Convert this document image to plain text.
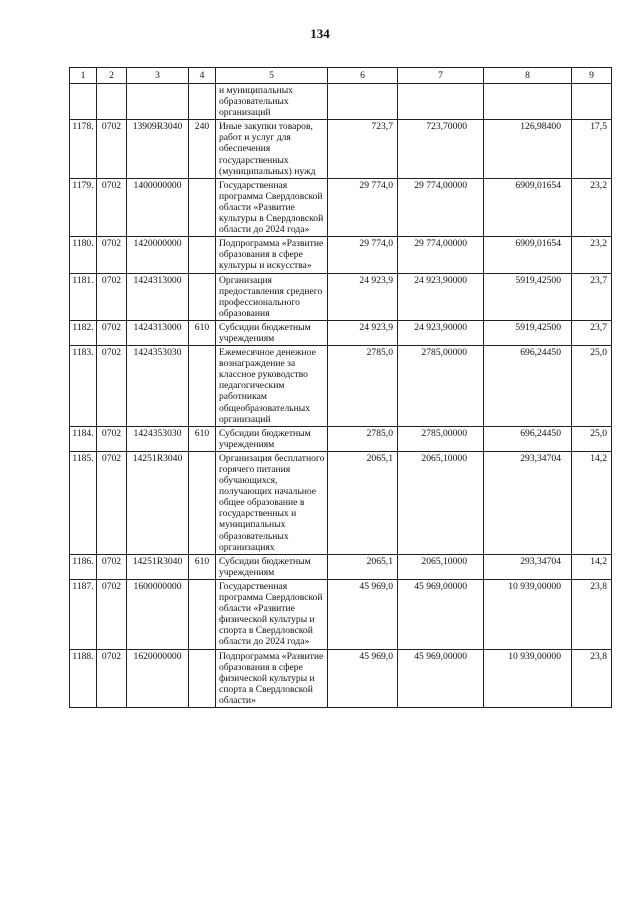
134
1	2	3	4	5	6	7	8	9
				и муниципальных образовательных организаций				
1178.	0702	13909R3040	240	Иные закупки товаров, работ и услуг для обеспечения государственных (муниципальных) нужд	723,7	723,70000	126,98400	17,5
1179.	0702	1400000000		Государственная программа Свердловской области «Развитие культуры в Свердловской области до 2024 года»	29 774,0	29 774,00000	6909,01654	23,2
1180.	0702	1420000000		Подпрограмма «Развитие образования в сфере культуры и искусства»	29 774,0	29 774,00000	6909,01654	23,2
1181.	0702	1424313000		Организация предоставления среднего профессионального образования	24 923,9	24 923,90000	5919,42500	23,7
1182.	0702	1424313000	610	Субсидии бюджетным учреждениям	24 923,9	24 923,90000	5919,42500	23,7
1183.	0702	1424353030		Ежемесячное денежное вознаграждение за классное руководство педагогическим работникам общеобразовательных организаций	2785,0	2785,00000	696,24450	25,0
1184.	0702	1424353030	610	Субсидии бюджетным учреждениям	2785,0	2785,00000	696,24450	25,0
1185.	0702	14251R3040		Организация бесплатного горячего питания обучающихся, получающих начальное общее образование в государственных и муниципальных образовательных организациях	2065,1	2065,10000	293,34704	14,2
1186.	0702	14251R3040	610	Субсидии бюджетным учреждениям	2065,1	2065,10000	293,34704	14,2
1187.	0702	1600000000		Государственная программа Свердловской области «Развитие физической культуры и спорта в Свердловской области до 2024 года»	45 969,0	45 969,00000	10 939,00000	23,8
1188.	0702	1620000000		Подпрограмма «Развитие образования в сфере физической культуры и спорта в Свердловской области»	45 969,0	45 969,00000	10 939,00000	23,8
